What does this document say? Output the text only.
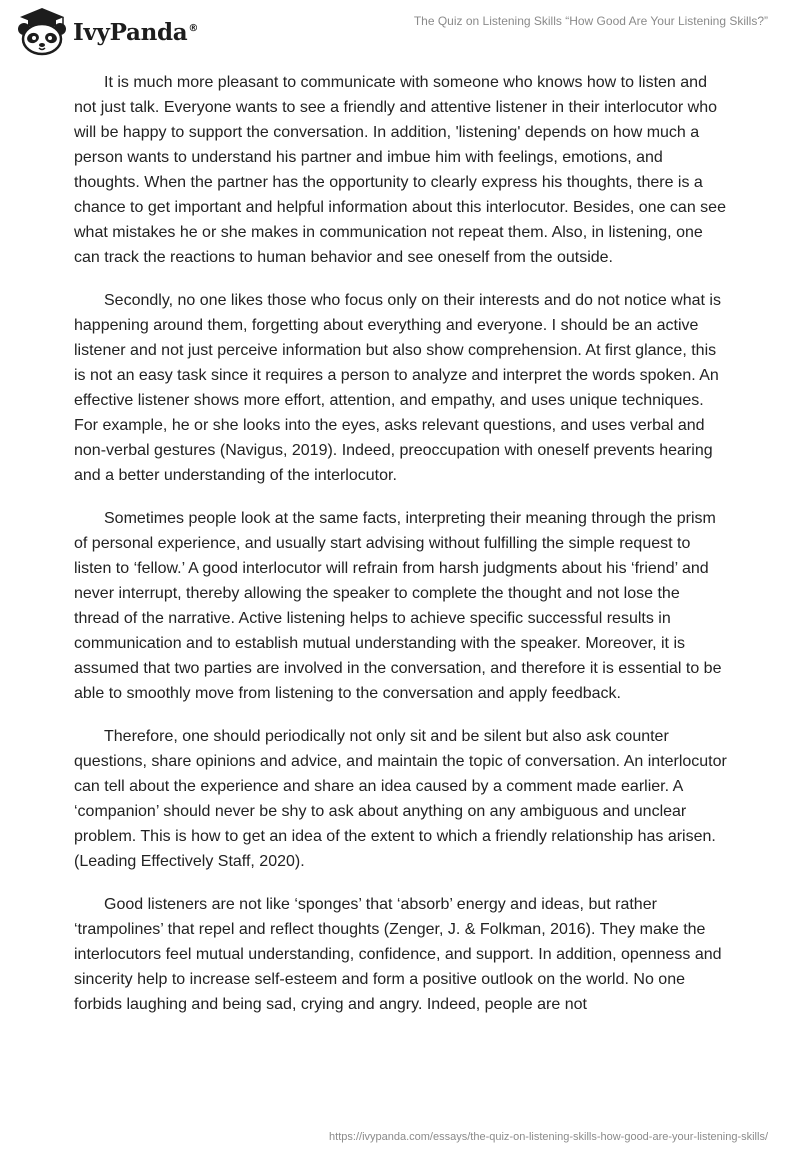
IvyPanda®
The Quiz on Listening Skills “How Good Are Your Listening Skills?”

It is much more pleasant to communicate with someone who knows how to listen and not just talk. Everyone wants to see a friendly and attentive listener in their interlocutor who will be happy to support the conversation. In addition, 'listening' depends on how much a person wants to understand his partner and imbue him with feelings, emotions, and thoughts. When the partner has the opportunity to clearly express his thoughts, there is a chance to get important and helpful information about this interlocutor. Besides, one can see what mistakes he or she makes in communication not repeat them. Also, in listening, one can track the reactions to human behavior and see oneself from the outside.

Secondly, no one likes those who focus only on their interests and do not notice what is happening around them, forgetting about everything and everyone. I should be an active listener and not just perceive information but also show comprehension. At first glance, this is not an easy task since it requires a person to analyze and interpret the words spoken. An effective listener shows more effort, attention, and empathy, and uses unique techniques. For example, he or she looks into the eyes, asks relevant questions, and uses verbal and non-verbal gestures (Navigus, 2019). Indeed, preoccupation with oneself prevents hearing and a better understanding of the interlocutor.

Sometimes people look at the same facts, interpreting their meaning through the prism of personal experience, and usually start advising without fulfilling the simple request to listen to ‘fellow.’ A good interlocutor will refrain from harsh judgments about his ‘friend’ and never interrupt, thereby allowing the speaker to complete the thought and not lose the thread of the narrative. Active listening helps to achieve specific successful results in communication and to establish mutual understanding with the speaker. Moreover, it is assumed that two parties are involved in the conversation, and therefore it is essential to be able to smoothly move from listening to the conversation and apply feedback.

Therefore, one should periodically not only sit and be silent but also ask counter questions, share opinions and advice, and maintain the topic of conversation. An interlocutor can tell about the experience and share an idea caused by a comment made earlier. A ‘companion’ should never be shy to ask about anything on any ambiguous and unclear problem. This is how to get an idea of the extent to which a friendly relationship has arisen. (Leading Effectively Staff, 2020).

Good listeners are not like ‘sponges’ that ‘absorb’ energy and ideas, but rather ‘trampolines’ that repel and reflect thoughts (Zenger, J. & Folkman, 2016). They make the interlocutors feel mutual understanding, confidence, and support. In addition, openness and sincerity help to increase self-esteem and form a positive outlook on the world. No one forbids laughing and being sad, crying and angry. Indeed, people are not

https://ivypanda.com/essays/the-quiz-on-listening-skills-how-good-are-your-listening-skills/
